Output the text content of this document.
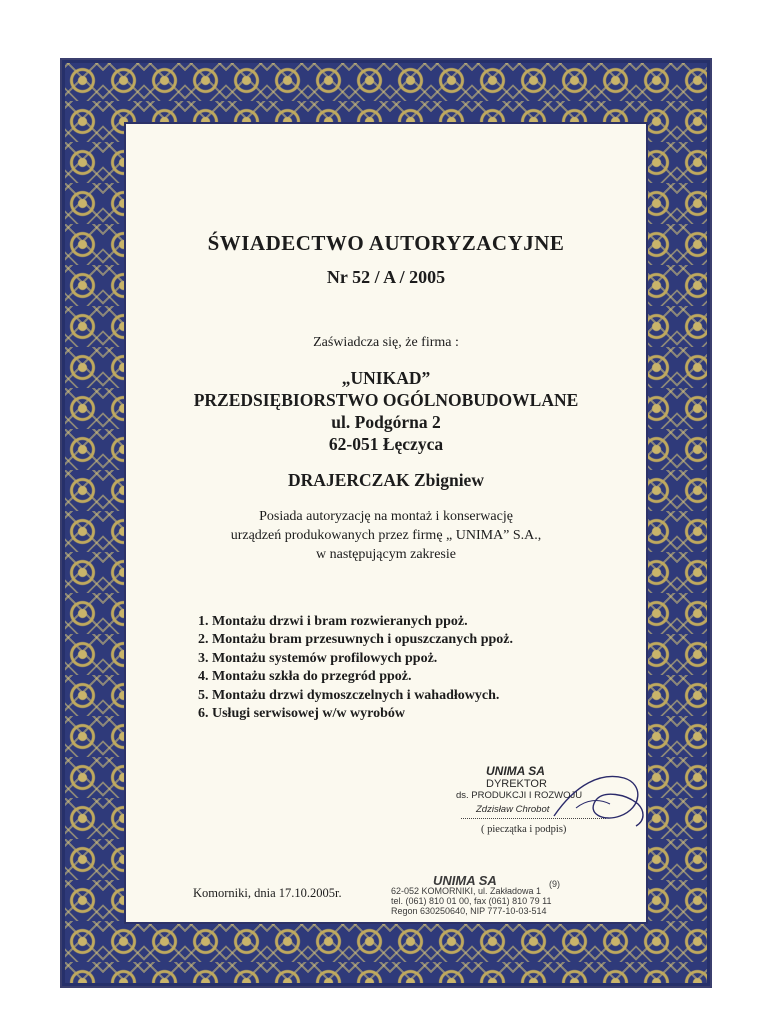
ŚWIADECTWO AUTORYZACYJNE
Nr 52 / A / 2005
Zaświadcza się, że firma :
„UNIKAD”
PRZEDSIĘBIORSTWO OGÓLNOBUDOWLANE
ul. Podgórna 2
62-051 Łęczyca
DRAJERCZAK Zbigniew
Posiada autoryzację na montaż i konserwację
urządzeń produkowanych przez firmę „ UNIMA” S.A.,
w następującym zakresie
1. Montażu drzwi i bram rozwieranych ppoż.
2. Montażu bram przesuwnych i opuszczanych ppoż.
3. Montażu systemów profilowych ppoż.
4. Montażu szkła do przegród ppoż.
5. Montażu drzwi dymoszczelnych i wahadłowych.
6. Usługi serwisowej w/w wyrobów
UNIMA SA
DYREKTOR
ds. PRODUKCJI I ROZWOJU
Zdzisław Chrobot
( pieczątka i podpis)
Komorniki, dnia 17.10.2005r.
UNIMA SA	(9)
62-052 KOMORNIKI, ul. Zakładowa 1
tel. (061) 810 01 00, fax (061) 810 79 11
Regon 630250640, NIP 777-10-03-514
